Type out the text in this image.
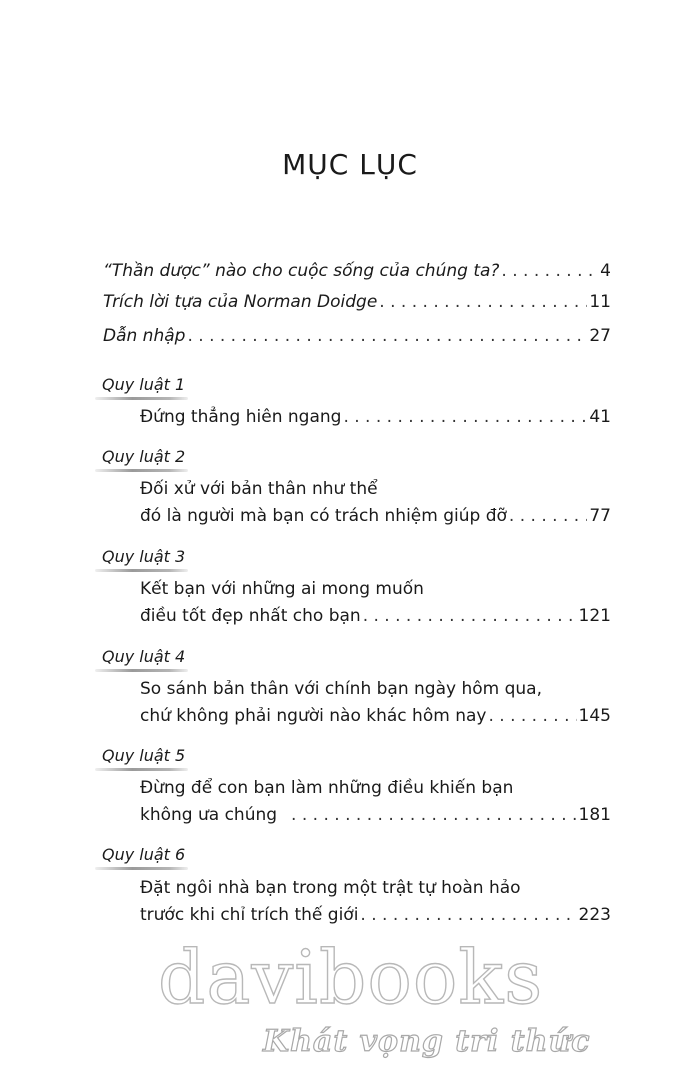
MỤC LỤC
“Thần dược” nào cho cuộc sống của chúng ta? . . .	4
Trích lời tựa của Norman Doidge . . .	11
Dẫn nhập . . .	27
Quy luật 1
Đứng thẳng hiên ngang . . .	41
Quy luật 2
Đối xử với bản thân như thể
đó là người mà bạn có trách nhiệm giúp đỡ . . .	77
Quy luật 3
Kết bạn với những ai mong muốn
điều tốt đẹp nhất cho bạn . . .	121
Quy luật 4
So sánh bản thân với chính bạn ngày hôm qua,
chứ không phải người nào khác hôm nay . . .	145
Quy luật 5
Đừng để con bạn làm những điều khiến bạn
không ưa chúng . . .	181
Quy luật 6
Đặt ngôi nhà bạn trong một trật tự hoàn hảo
trước khi chỉ trích thế giới . . .	223
davibooks
Khát vọng tri thức
